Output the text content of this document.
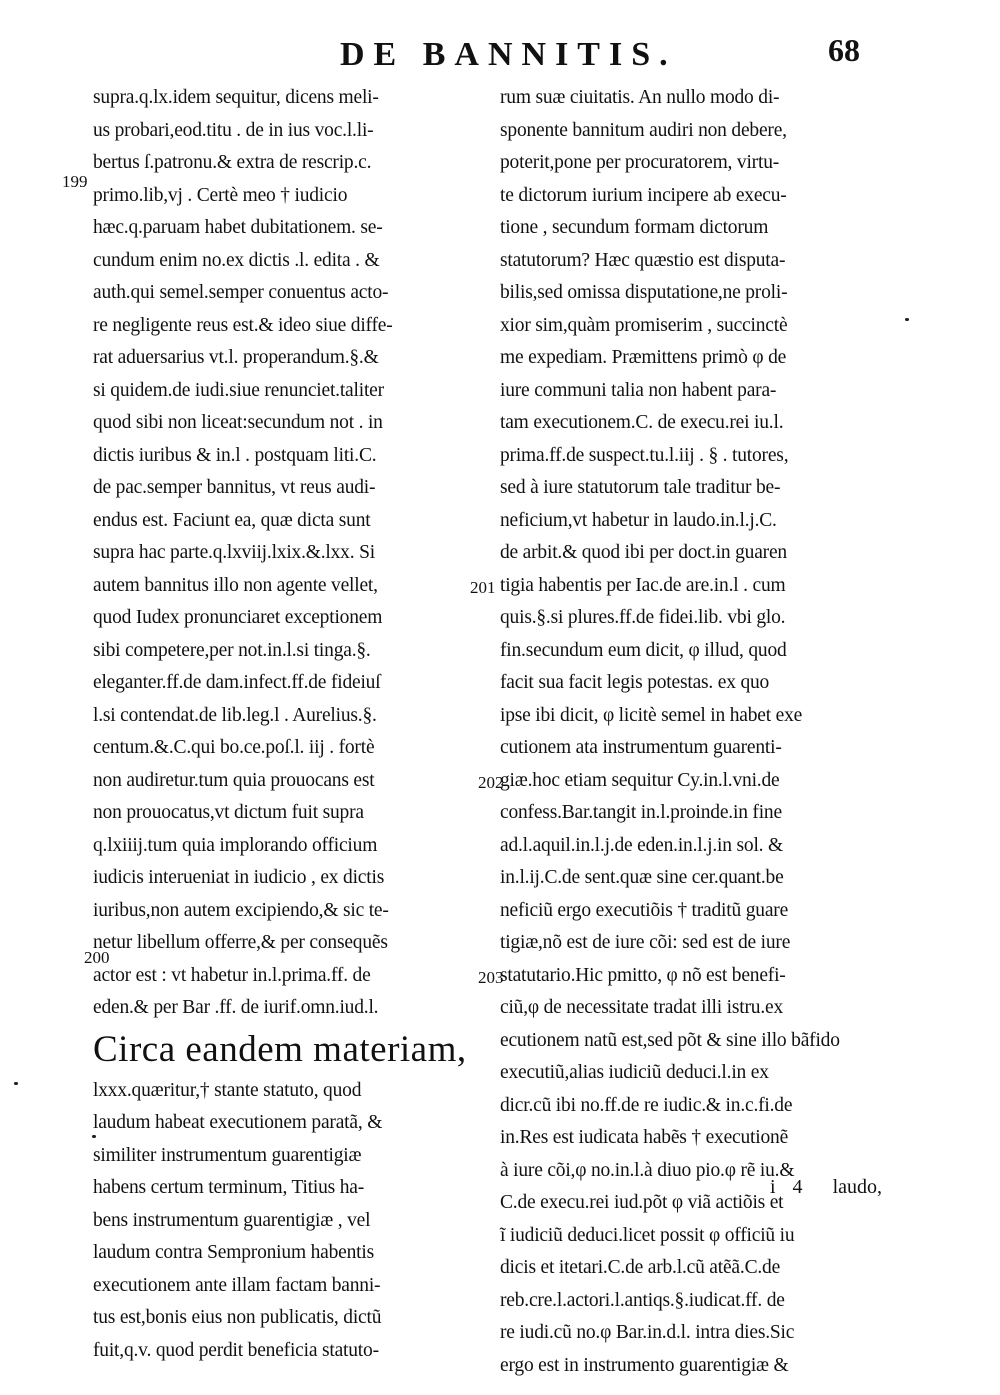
DE BANNITIS.	68
supra.q.lx.idem sequitur, dicens meli-
us probari,eod.titu . de in ius voc.l.li-
bertus ſ.patronu.& extra de rescrip.c.
primo.lib,vj . Certè meo † iudicio
hæc.q.paruam habet dubitationem. se-
cundum enim no.ex dictis .l. edita . &
auth.qui semel.semper conuentus acto-
re negligente reus est.& ideo siue diffe-
rat aduersarius vt.l. properandum.§.&
si quidem.de iudi.siue renunciet.taliter
quod sibi non liceat:secundum not . in
dictis iuribus & in.l . postquam liti.C.
de pac.semper bannitus, vt reus audi-
endus est. Faciunt ea, quæ dicta sunt
supra hac parte.q.lxviij.lxix.&.lxx. Si
autem bannitus illo non agente vellet,
quod Iudex pronunciaret exceptionem
sibi competere,per not.in.l.si tinga.§.
eleganter.ff.de dam.infect.ff.de fideiuſ
l.si contendat.de lib.leg.l . Aurelius.§.
centum.&.C.qui bo.ce.poſ.l. iij . fortè
non audiretur.tum quia prouocans est
non prouocatus,vt dictum fuit supra
q.lxiiij.tum quia implorando officium
iudicis interueniat in iudicio , ex dictis
iuribus,non autem excipiendo,& sic te-
netur libellum offerre,& per consequẽs
actor est : vt habetur in.l.prima.ff. de
eden.& per Bar .ff. de iurif.omn.iud.l.
Circa eandem materiam,
lxxx.quæritur,† stante statuto, quod
laudum habeat executionem paratã, &
similiter instrumentum guarentigiæ
habens certum terminum, Titius ha-
bens instrumentum guarentigiæ , vel
laudum contra Sempronium habentis
executionem ante illam factam banni-
tus est,bonis eius non publicatis, dictũ
fuit,q.v. quod perdit beneficia statuto-
rum suæ ciuitatis. An nullo modo di-
sponente bannitum audiri non debere,
poterit,pone per procuratorem, virtu-
te dictorum iurium incipere ab execu-
tione , secundum formam dictorum
statutorum? Hæc quæstio est disputa-
bilis,sed omissa disputatione,ne proli-
xior sim,quàm promiserim , succinctè
me expediam. Præmittens primò φ de
iure communi talia non habent para-
tam executionem.C. de execu.rei iu.l.
prima.ff.de suspect.tu.l.iij . § . tutores,
sed à iure statutorum tale traditur be-
neficium,vt habetur in laudo.in.l.j.C.
de arbit.& quod ibi per doct.in guaren
tigia habentis per Iac.de are.in.l . cum
quis.§.si plures.ff.de fidei.lib. vbi glo.
fin.secundum eum dicit, φ illud, quod
facit sua facit legis potestas. ex quo
ipse ibi dicit, φ licitè semel in habet exe
cutionem ata instrumentum guarenti-
giæ.hoc etiam sequitur Cy.in.l.vni.de
confess.Bar.tangit in.l.proinde.in fine
ad.l.aquil.in.l.j.de eden.in.l.j.in sol. &
in.l.ij.C.de sent.quæ sine cer.quant.be
neficiũ ergo executiõis † traditũ guare
tigiæ,nõ est de iure cõi: sed est de iure
statutario.Hic pmitto, φ nõ est benefi-
ciũ,φ de necessitate tradat illi istru.ex
ecutionem natũ est,sed põt & sine illo bãfido
executiũ,alias iudiciũ deduci.l.in ex
dicr.cũ ibi no.ff.de re iudic.& in.c.fi.de
in.Res est iudicata habẽs † executionẽ
à iure cõi,φ no.in.l.à diuo pio.φ rẽ iu.&
C.de execu.rei iud.põt φ viã actiõis et
ĩ iudiciũ deduci.licet possit φ officiũ iu
dicis et itetari.C.de arb.l.cũ atẽã.C.de
reb.cre.l.actori.l.antiqs.§.iudicat.ff. de
re iudi.cũ no.φ Bar.in.d.l. intra dies.Sic
ergo est in instrumento guarentigiæ &
199
200
201
202
203
i 4 laudo,
